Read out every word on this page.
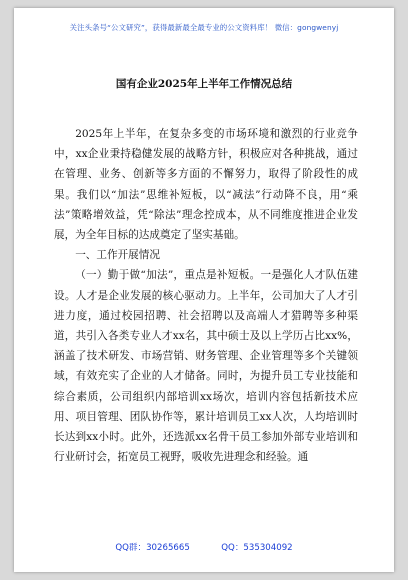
关注头条号“公文研究”，获得最新最全最专业的公文资料库！ 微信：gongwenyj
国有企业2025年上半年工作情况总结

2025年上半年，在复杂多变的市场环境和激烈的行业竞争中，xx企业秉持稳健发展的战略方针，积极应对各种挑战，通过在管理、业务、创新等多方面的不懈努力，取得了阶段性的成果。我们以“加法”思维补短板，以“减法”行动降不良，用“乘法”策略增效益，凭“除法”理念控成本，从不同维度推进企业发展，为全年目标的达成奠定了坚实基础。

一、工作开展情况

（一）勤于做“加法”，重点是补短板。一是强化人才队伍建设。人才是企业发展的核心驱动力。上半年，公司加大了人才引进力度，通过校园招聘、社会招聘以及高端人才猎聘等多种渠道，共引入各类专业人才xx名，其中硕士及以上学历占比xx%，涵盖了技术研发、市场营销、财务管理、企业管理等多个关键领域，有效充实了企业的人才储备。同时，为提升员工专业技能和综合素质，公司组织内部培训xx场次，培训内容包括新技术应用、项目管理、团队协作等，累计培训员工xx人次，人均培训时长达到xx小时。此外，还选派xx名骨干员工参加外部专业培训和行业研讨会，拓宽员工视野，吸收先进理念和经验。通

QQ群：30265665	QQ：535304092
